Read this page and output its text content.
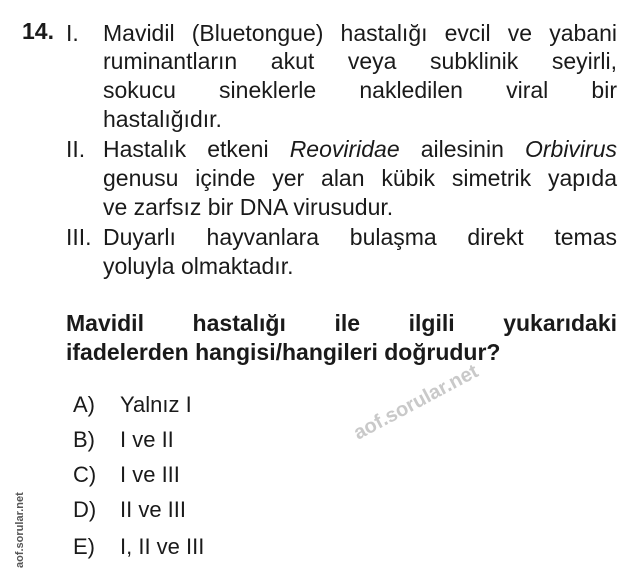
14. I. Mavidil (Bluetongue) hastalığı evcil ve yabani
ruminantların akut veya subklinik seyirli,
sokucu sineklerle nakledilen viral bir
hastalığıdır.
II. Hastalık etkeni Reoviridae ailesinin Orbivirus
genusu içinde yer alan kübik simetrik yapıda
ve zarfsız bir DNA virusudur.
III. Duyarlı hayvanlara bulaşma direkt temas
yoluyla olmaktadır.
Mavidil hastalığı ile ilgili yukarıdaki
ifadelerden hangisi/hangileri doğrudur?
aof.sorular.net
A) Yalnız I
B) I ve II
C) I ve III
D) II ve III
E) I, II ve III
aof.sorular.net
